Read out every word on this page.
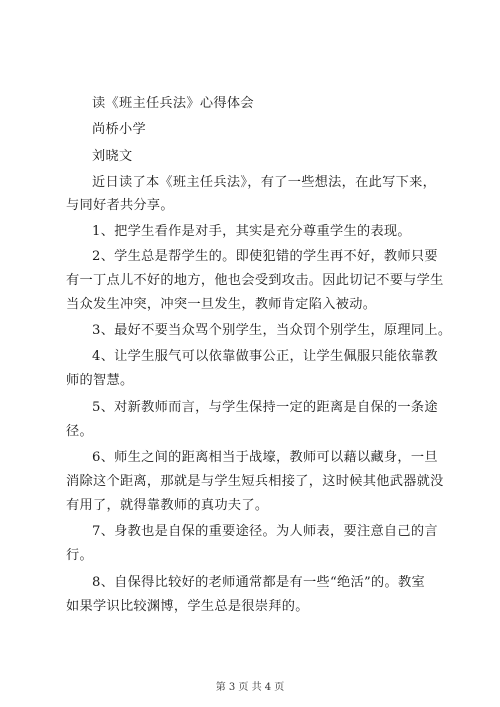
读《班主任兵法》心得体会
尚桥小学
刘晓文
近日读了本《班主任兵法》，有了一些想法，在此写下来，
与同好者共分享。
1、把学生看作是对手，其实是充分尊重学生的表现。
2、学生总是帮学生的。即使犯错的学生再不好，教师只要
有一丁点儿不好的地方，他也会受到攻击。因此切记不要与学生
当众发生冲突，冲突一旦发生，教师肯定陷入被动。
3、最好不要当众骂个别学生，当众罚个别学生，原理同上。
4、让学生服气可以依靠做事公正，让学生佩服只能依靠教
师的智慧。
5、对新教师而言，与学生保持一定的距离是自保的一条途
径。
6、师生之间的距离相当于战壕，教师可以藉以藏身，一旦
消除这个距离，那就是与学生短兵相接了，这时候其他武器就没
有用了，就得靠教师的真功夫了。
7、身教也是自保的重要途径。为人师表，要注意自己的言
行。
8、自保得比较好的老师通常都是有一些“绝活”的。教室
如果学识比较渊博，学生总是很崇拜的。
第 3 页 共 4 页
